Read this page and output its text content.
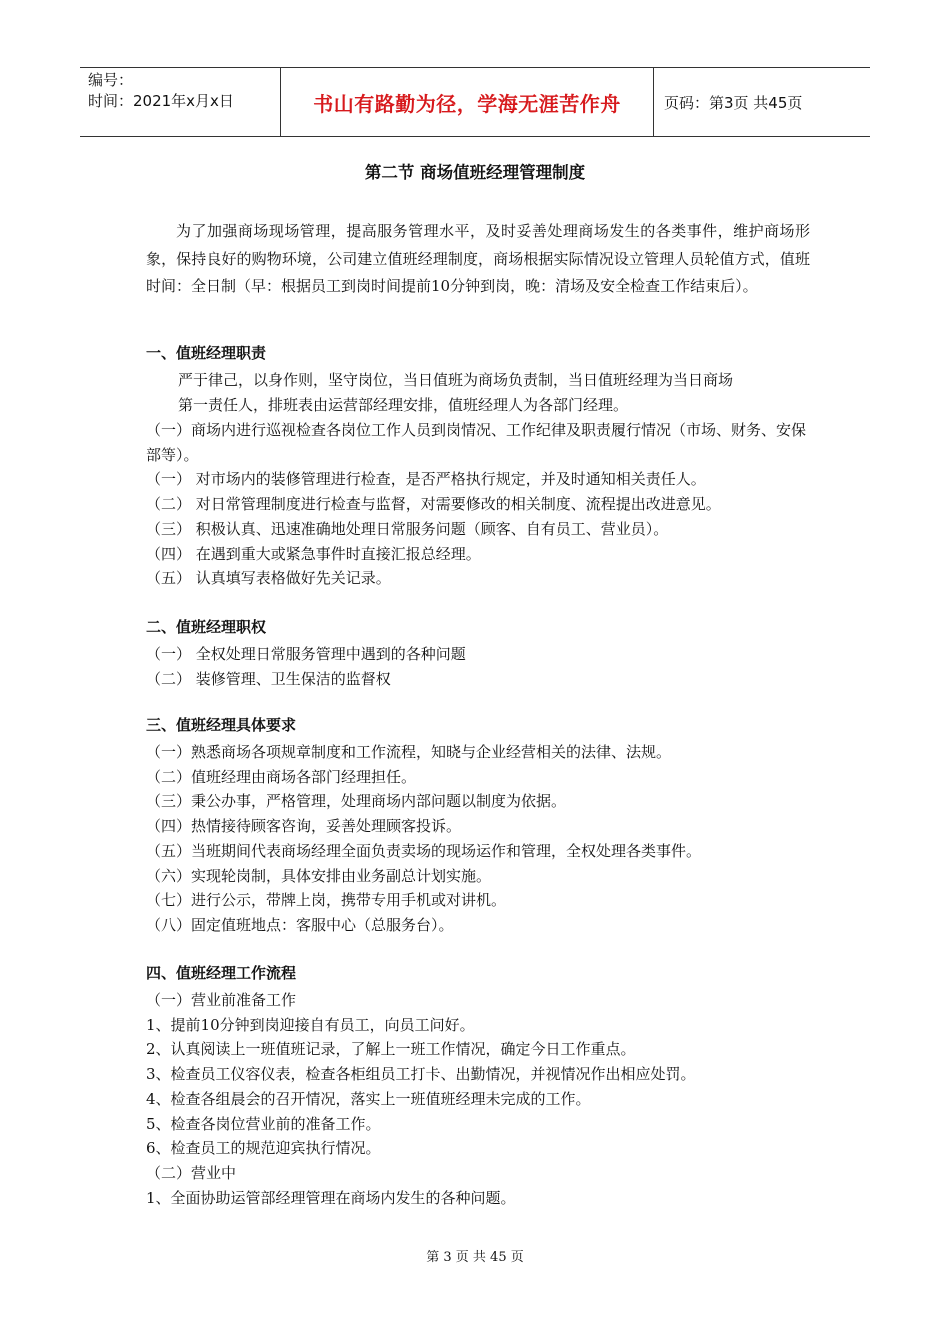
编号：
时间：2021年x月x日	书山有路勤为径，学海无涯苦作舟	页码：第3页 共45页
第二节 商场值班经理管理制度
为了加强商场现场管理，提高服务管理水平，及时妥善处理商场发生的各类事件，维护商场形象，保持良好的购物环境，公司建立值班经理制度，商场根据实际情况设立管理人员轮值方式，值班时间：全日制（早：根据员工到岗时间提前10分钟到岗，晚：清场及安全检查工作结束后）。
一、值班经理职责
严于律己，以身作则，坚守岗位，当日值班为商场负责制，当日值班经理为当日商场
第一责任人，排班表由运营部经理安排，值班经理人为各部门经理。
（一）商场内进行巡视检查各岗位工作人员到岗情况、工作纪律及职责履行情况（市场、财务、安保部等）。
（一） 对市场内的装修管理进行检查，是否严格执行规定，并及时通知相关责任人。
（二） 对日常管理制度进行检查与监督，对需要修改的相关制度、流程提出改进意见。
（三） 积极认真、迅速准确地处理日常服务问题（顾客、自有员工、营业员）。
（四） 在遇到重大或紧急事件时直接汇报总经理。
（五） 认真填写表格做好先关记录。
二、值班经理职权
（一） 全权处理日常服务管理中遇到的各种问题
（二） 装修管理、卫生保洁的监督权
三、值班经理具体要求
（一）熟悉商场各项规章制度和工作流程，知晓与企业经营相关的法律、法规。
（二）值班经理由商场各部门经理担任。
（三）秉公办事，严格管理，处理商场内部问题以制度为依据。
（四）热情接待顾客咨询，妥善处理顾客投诉。
（五）当班期间代表商场经理全面负责卖场的现场运作和管理，全权处理各类事件。
（六）实现轮岗制，具体安排由业务副总计划实施。
（七）进行公示，带牌上岗，携带专用手机或对讲机。
（八）固定值班地点：客服中心（总服务台）。
四、值班经理工作流程
（一）营业前准备工作
1、提前10分钟到岗迎接自有员工，向员工问好。
2、认真阅读上一班值班记录，了解上一班工作情况，确定今日工作重点。
3、检查员工仪容仪表，检查各柜组员工打卡、出勤情况，并视情况作出相应处罚。
4、检查各组晨会的召开情况，落实上一班值班经理未完成的工作。
5、检查各岗位营业前的准备工作。
6、检查员工的规范迎宾执行情况。
（二）营业中
1、全面协助运管部经理管理在商场内发生的各种问题。
第 3 页 共 45 页
